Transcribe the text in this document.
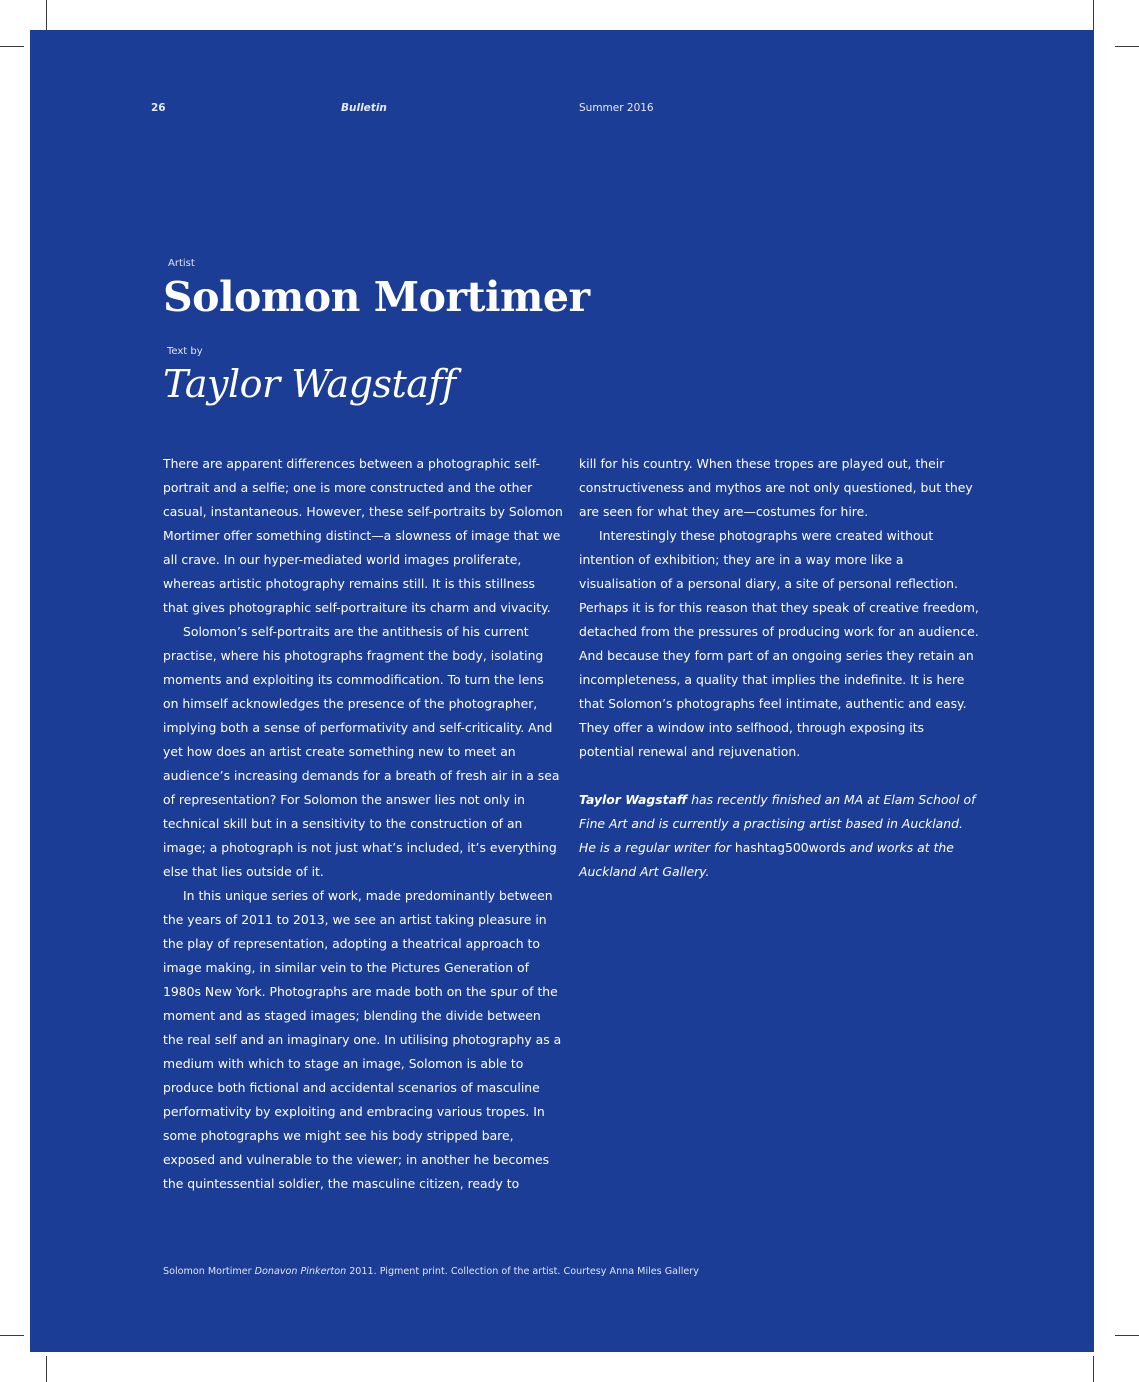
26	Bulletin	Summer 2016
Artist
Solomon Mortimer
Text by
Taylor Wagstaff

There are apparent differences between a photographic self-portrait and a selfie; one is more constructed and the other casual, instantaneous. However, these self-portraits by Solomon Mortimer offer something distinct—a slowness of image that we all crave. In our hyper-mediated world images proliferate, whereas artistic photography remains still. It is this stillness that gives photographic self-portraiture its charm and vivacity.

Solomon’s self-portraits are the antithesis of his current practise, where his photographs fragment the body, isolating moments and exploiting its commodification. To turn the lens on himself acknowledges the presence of the photographer, implying both a sense of performativity and self-criticality. And yet how does an artist create something new to meet an audience’s increasing demands for a breath of fresh air in a sea of representation? For Solomon the answer lies not only in technical skill but in a sensitivity to the construction of an image; a photograph is not just what’s included, it’s everything else that lies outside of it.

In this unique series of work, made predominantly between the years of 2011 to 2013, we see an artist taking pleasure in the play of representation, adopting a theatrical approach to image making, in similar vein to the Pictures Generation of 1980s New York. Photographs are made both on the spur of the moment and as staged images; blending the divide between the real self and an imaginary one. In utilising photography as a medium with which to stage an image, Solomon is able to produce both fictional and accidental scenarios of masculine performativity by exploiting and embracing various tropes. In some photographs we might see his body stripped bare, exposed and vulnerable to the viewer; in another he becomes the quintessential soldier, the masculine citizen, ready to

kill for his country. When these tropes are played out, their constructiveness and mythos are not only questioned, but they are seen for what they are—costumes for hire.

Interestingly these photographs were created without intention of exhibition; they are in a way more like a visualisation of a personal diary, a site of personal reflection. Perhaps it is for this reason that they speak of creative freedom, detached from the pressures of producing work for an audience. And because they form part of an ongoing series they retain an incompleteness, a quality that implies the indefinite. It is here that Solomon’s photographs feel intimate, authentic and easy. They offer a window into selfhood, through exposing its potential renewal and rejuvenation.

Taylor Wagstaff has recently finished an MA at Elam School of Fine Art and is currently a practising artist based in Auckland. He is a regular writer for hashtag500words and works at the Auckland Art Gallery.

Solomon Mortimer Donavon Pinkerton 2011. Pigment print. Collection of the artist. Courtesy Anna Miles Gallery
